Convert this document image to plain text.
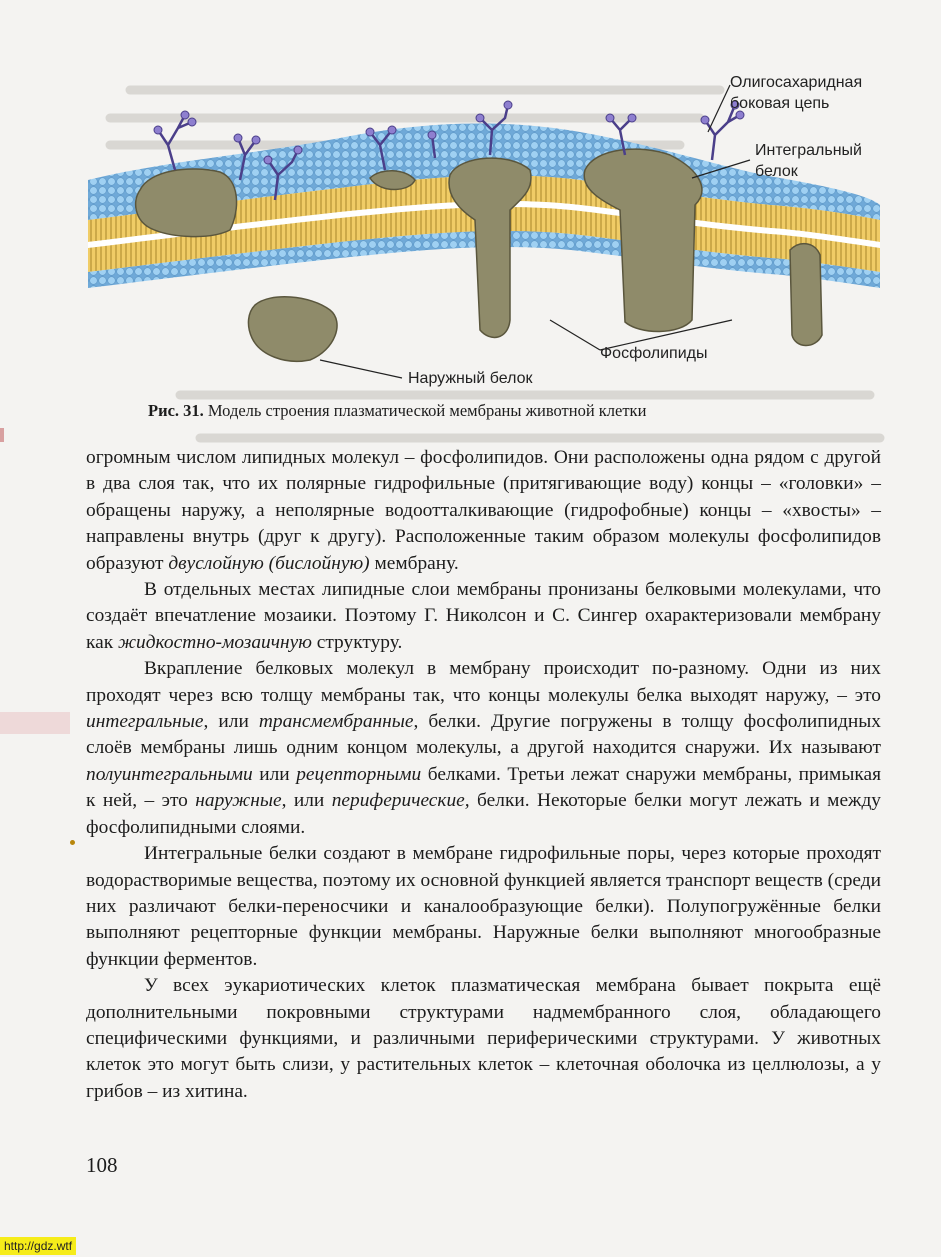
Олигосахаридная
боковая цепь
Интегральный
белок
Фосфолипиды
Наружный белок
Рис. 31. Модель строения плазматической мембраны животной клетки

огромным числом липидных молекул – фосфолипидов. Они расположены одна рядом с другой в два слоя так, что их полярные гидрофильные (притягивающие воду) концы – «головки» – обращены наружу, а неполярные водоотталкивающие (гидрофобные) концы – «хвосты» – направлены внутрь (друг к другу). Расположенные таким образом молекулы фосфолипидов образуют двуслойную (бислойную) мембрану.

В отдельных местах липидные слои мембраны пронизаны белковыми молекулами, что создаёт впечатление мозаики. Поэтому Г. Николсон и С. Сингер охарактеризовали мембрану как жидкостно-мозаичную структуру.

Вкрапление белковых молекул в мембрану происходит по-разному. Одни из них проходят через всю толщу мембраны так, что концы молекулы белка выходят наружу, – это интегральные, или трансмембранные, белки. Другие погружены в толщу фосфолипидных слоёв мембраны лишь одним концом молекулы, а другой находится снаружи. Их называют полуинтегральными или рецепторными белками. Третьи лежат снаружи мембраны, примыкая к ней, – это наружные, или периферические, белки. Некоторые белки могут лежать и между фосфолипидными слоями.

Интегральные белки создают в мембране гидрофильные поры, через которые проходят водорастворимые вещества, поэтому их основной функцией является транспорт веществ (среди них различают белки-переносчики и каналообразующие белки). Полупогружённые белки выполняют рецепторные функции мембраны. Наружные белки выполняют многообразные функции ферментов.

У всех эукариотических клеток плазматическая мембрана бывает покрыта ещё дополнительными покровными структурами надмембранного слоя, обладающего специфическими функциями, и различными периферическими структурами. У животных клеток это могут быть слизи, у растительных клеток – клеточная оболочка из целлюлозы, а у грибов – из хитина.

108
http://gdz.wtf
